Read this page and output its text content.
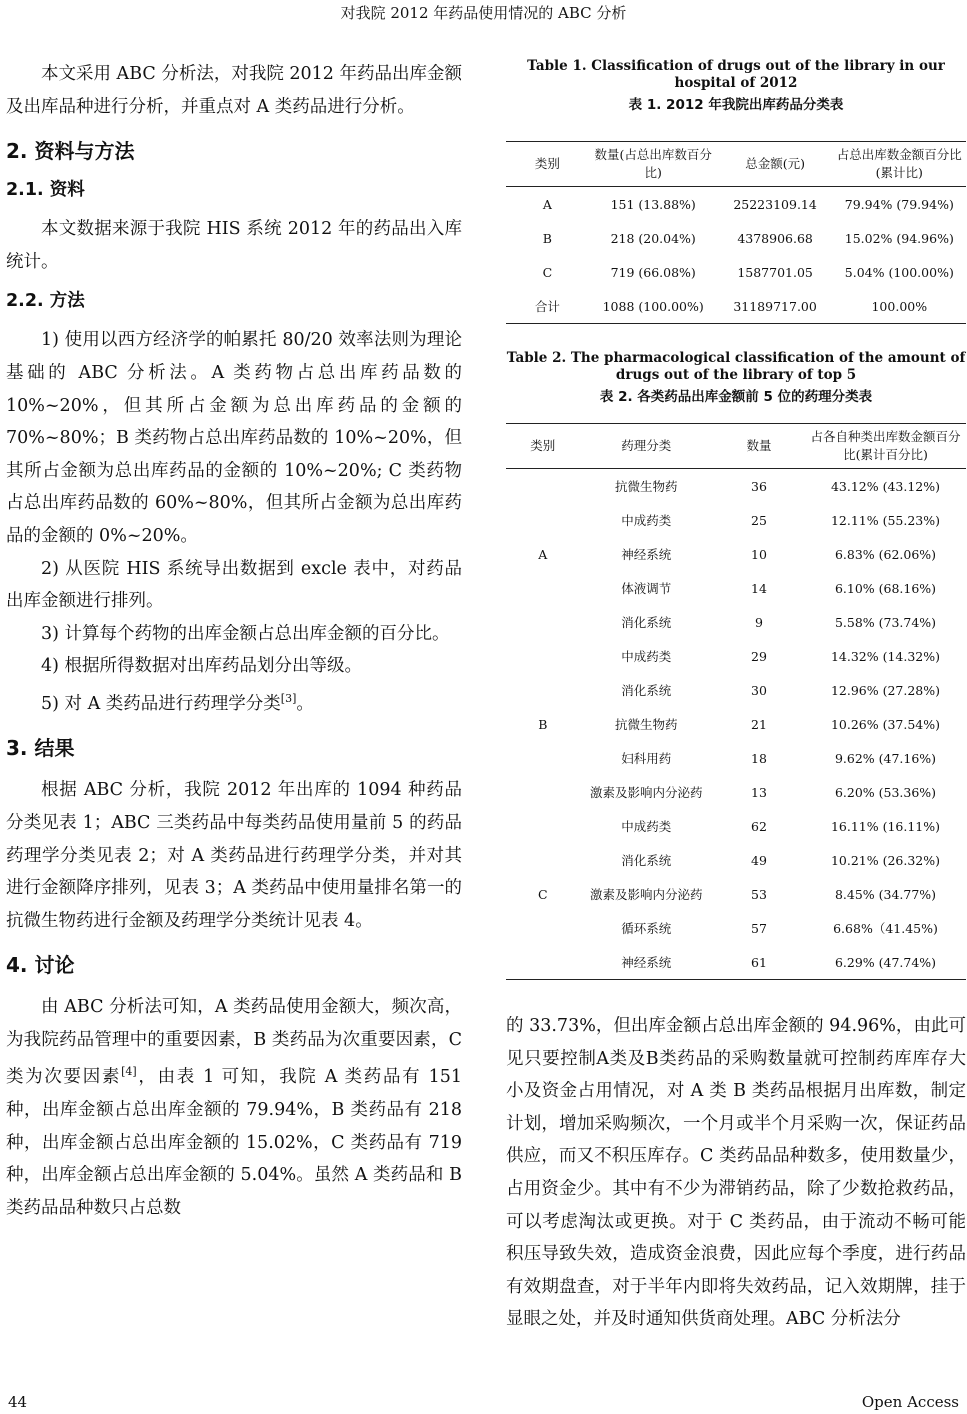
对我院 2012 年药品使用情况的 ABC 分析

本文采用 ABC 分析法，对我院 2012 年药品出库金额及出库品种进行分析，并重点对 A 类药品进行分析。

2. 资料与方法
2.1. 资料

本文数据来源于我院 HIS 系统 2012 年的药品出入库统计。

2.2. 方法

1) 使用以西方经济学的帕累托 80/20 效率法则为理论基础的 ABC 分析法。A 类药物占总出库药品数的 10%~20%，但其所占金额为总出库药品的金额的 70%~80%；B 类药物占总出库药品数的 10%~20%，但其所占金额为总出库药品的金额的 10%~20%; C 类药物占总出库药品数的 60%~80%，但其所占金额为总出库药品的金额的 0%~20%。

2) 从医院 HIS 系统导出数据到 excle 表中，对药品出库金额进行排列。

3) 计算每个药物的出库金额占总出库金额的百分比。

4) 根据所得数据对出库药品划分出等级。

5) 对 A 类药品进行药理学分类[3]。

3. 结果

根据 ABC 分析，我院 2012 年出库的 1094 种药品分类见表 1；ABC 三类药品中每类药品使用量前 5 的药品药理学分类见表 2；对 A 类药品进行药理学分类，并对其进行金额降序排列，见表 3；A 类药品中使用量排名第一的抗微生物药进行金额及药理学分类统计见表 4。

4. 讨论

由 ABC 分析法可知，A 类药品使用金额大，频次高，为我院药品管理中的重要因素，B 类药品为次重要因素，C 类为次要因素[4]，由表 1 可知，我院 A 类药品有 151 种，出库金额占总出库金额的 79.94%，B 类药品有 218 种，出库金额占总出库金额的 15.02%，C 类药品有 719 种，出库金额占总出库金额的 5.04%。虽然 A 类药品和 B 类药品品种数只占总数

Table 1. Classification of drugs out of the library in our hospital of 2012

表 1. 2012 年我院出库药品分类表

类别	数量(占总出库数百分比)	总金额(元)	占总出库数金额百分比(累计比)
A	151 (13.88%)	25223109.14	79.94% (79.94%)
B	218 (20.04%)	4378906.68	15.02% (94.96%)
C	719 (66.08%)	1587701.05	5.04% (100.00%)
合计	1088 (100.00%)	31189717.00	100.00%

Table 2. The pharmacological classification of the amount of drugs out of the library of top 5

表 2. 各类药品出库金额前 5 位的药理分类表

类别	药理分类	数量	占各自种类出库数金额百分比(累计百分比)
A	抗微生物药	36	43.12% (43.12%)
	中成药类	25	12.11% (55.23%)
	神经系统	10	6.83% (62.06%)
	体液调节	14	6.10% (68.16%)
	消化系统	9	5.58% (73.74%)
B	中成药类	29	14.32% (14.32%)
	消化系统	30	12.96% (27.28%)
	抗微生物药	21	10.26% (37.54%)
	妇科用药	18	9.62% (47.16%)
	激素及影响内分泌药	13	6.20% (53.36%)
C	中成药类	62	16.11% (16.11%)
	消化系统	49	10.21% (26.32%)
	激素及影响内分泌药	53	8.45% (34.77%)
	循环系统	57	6.68%（41.45%)
	神经系统	61	6.29% (47.74%)

的 33.73%，但出库金额占总出库金额的 94.96%，由此可见只要控制A类及B类药品的采购数量就可控制药库库存大小及资金占用情况，对 A 类 B 类药品根据月出库数，制定计划，增加采购频次，一个月或半个月采购一次，保证药品供应，而又不积压库存。C 类药品品种数多，使用数量少，占用资金少。其中有不少为滞销药品，除了少数抢救药品，可以考虑淘汰或更换。对于 C 类药品，由于流动不畅可能积压导致失效，造成资金浪费，因此应每个季度，进行药品有效期盘查，对于半年内即将失效药品，记入效期牌，挂于显眼之处，并及时通知供货商处理。ABC 分析法分

44	Open Access
